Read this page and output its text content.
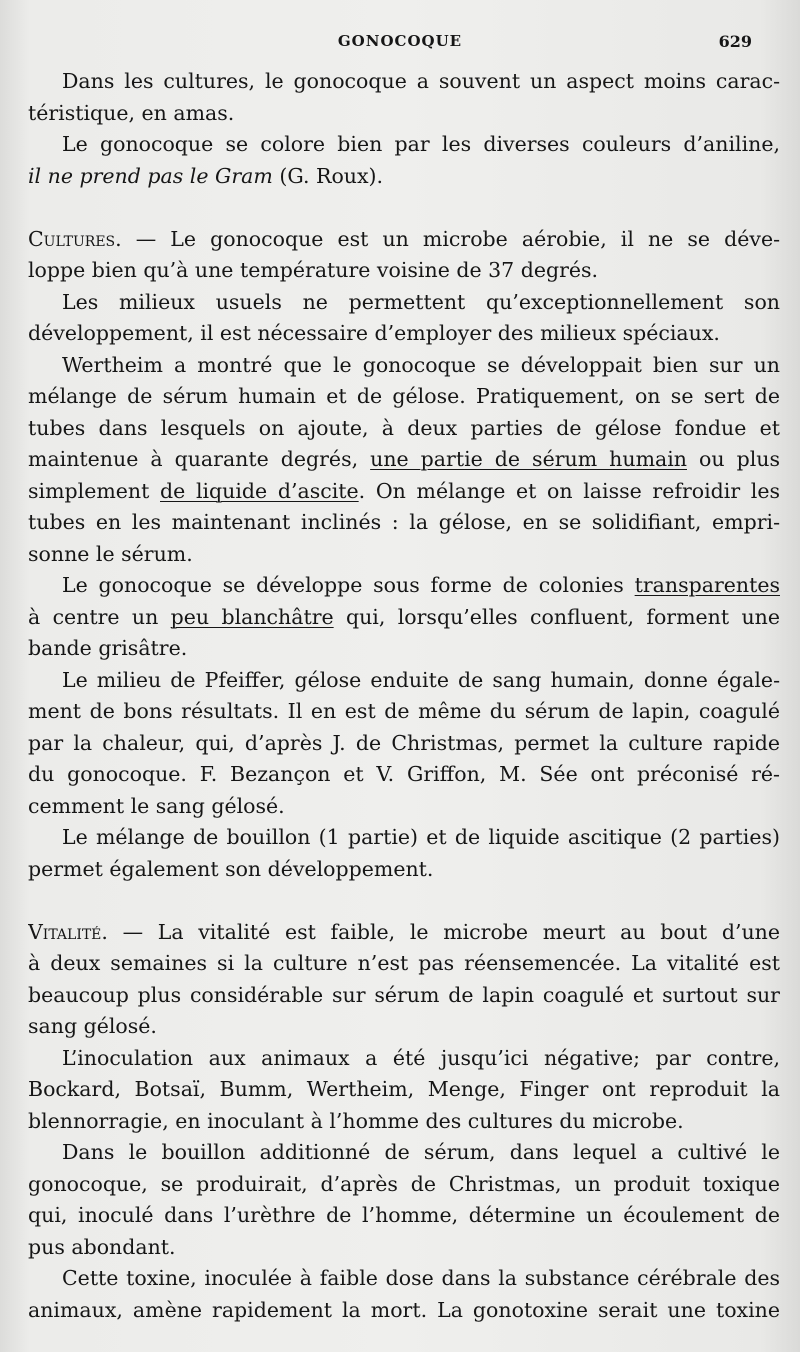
GONOCOQUE	629
Dans les cultures, le gonocoque a souvent un aspect moins carac-
téristique, en amas.
Le gonocoque se colore bien par les diverses couleurs d’aniline,
il ne prend pas le Gram (G. Roux).
Cultures. — Le gonocoque est un microbe aérobie, il ne se déve-
loppe bien qu’à une température voisine de 37 degrés.
Les milieux usuels ne permettent qu’exceptionnellement son
développement, il est nécessaire d’employer des milieux spéciaux.
Wertheim a montré que le gonocoque se développait bien sur un
mélange de sérum humain et de gélose. Pratiquement, on se sert de
tubes dans lesquels on ajoute, à deux parties de gélose fondue et
maintenue à quarante degrés, une partie de sérum humain ou plus
simplement de liquide d’ascite. On mélange et on laisse refroidir les
tubes en les maintenant inclinés : la gélose, en se solidifiant, empri-
sonne le sérum.
Le gonocoque se développe sous forme de colonies transparentes
à centre un peu blanchâtre qui, lorsqu’elles confluent, forment une
bande grisâtre.
Le milieu de Pfeiffer, gélose enduite de sang humain, donne égale-
ment de bons résultats. Il en est de même du sérum de lapin, coagulé
par la chaleur, qui, d’après J. de Christmas, permet la culture rapide
du gonocoque. F. Bezançon et V. Griffon, M. Sée ont préconisé ré-
cemment le sang gélosé.
Le mélange de bouillon (1 partie) et de liquide ascitique (2 parties)
permet également son développement.
Vitalité. — La vitalité est faible, le microbe meurt au bout d’une
à deux semaines si la culture n’est pas réensemencée. La vitalité est
beaucoup plus considérable sur sérum de lapin coagulé et surtout sur
sang gélosé.
L’inoculation aux animaux a été jusqu’ici négative; par contre,
Bockard, Botsaï, Bumm, Wertheim, Menge, Finger ont reproduit la
blennorragie, en inoculant à l’homme des cultures du microbe.
Dans le bouillon additionné de sérum, dans lequel a cultivé le
gonocoque, se produirait, d’après de Christmas, un produit toxique
qui, inoculé dans l’urèthre de l’homme, détermine un écoulement de
pus abondant.
Cette toxine, inoculée à faible dose dans la substance cérébrale des
animaux, amène rapidement la mort. La gonotoxine serait une toxine
